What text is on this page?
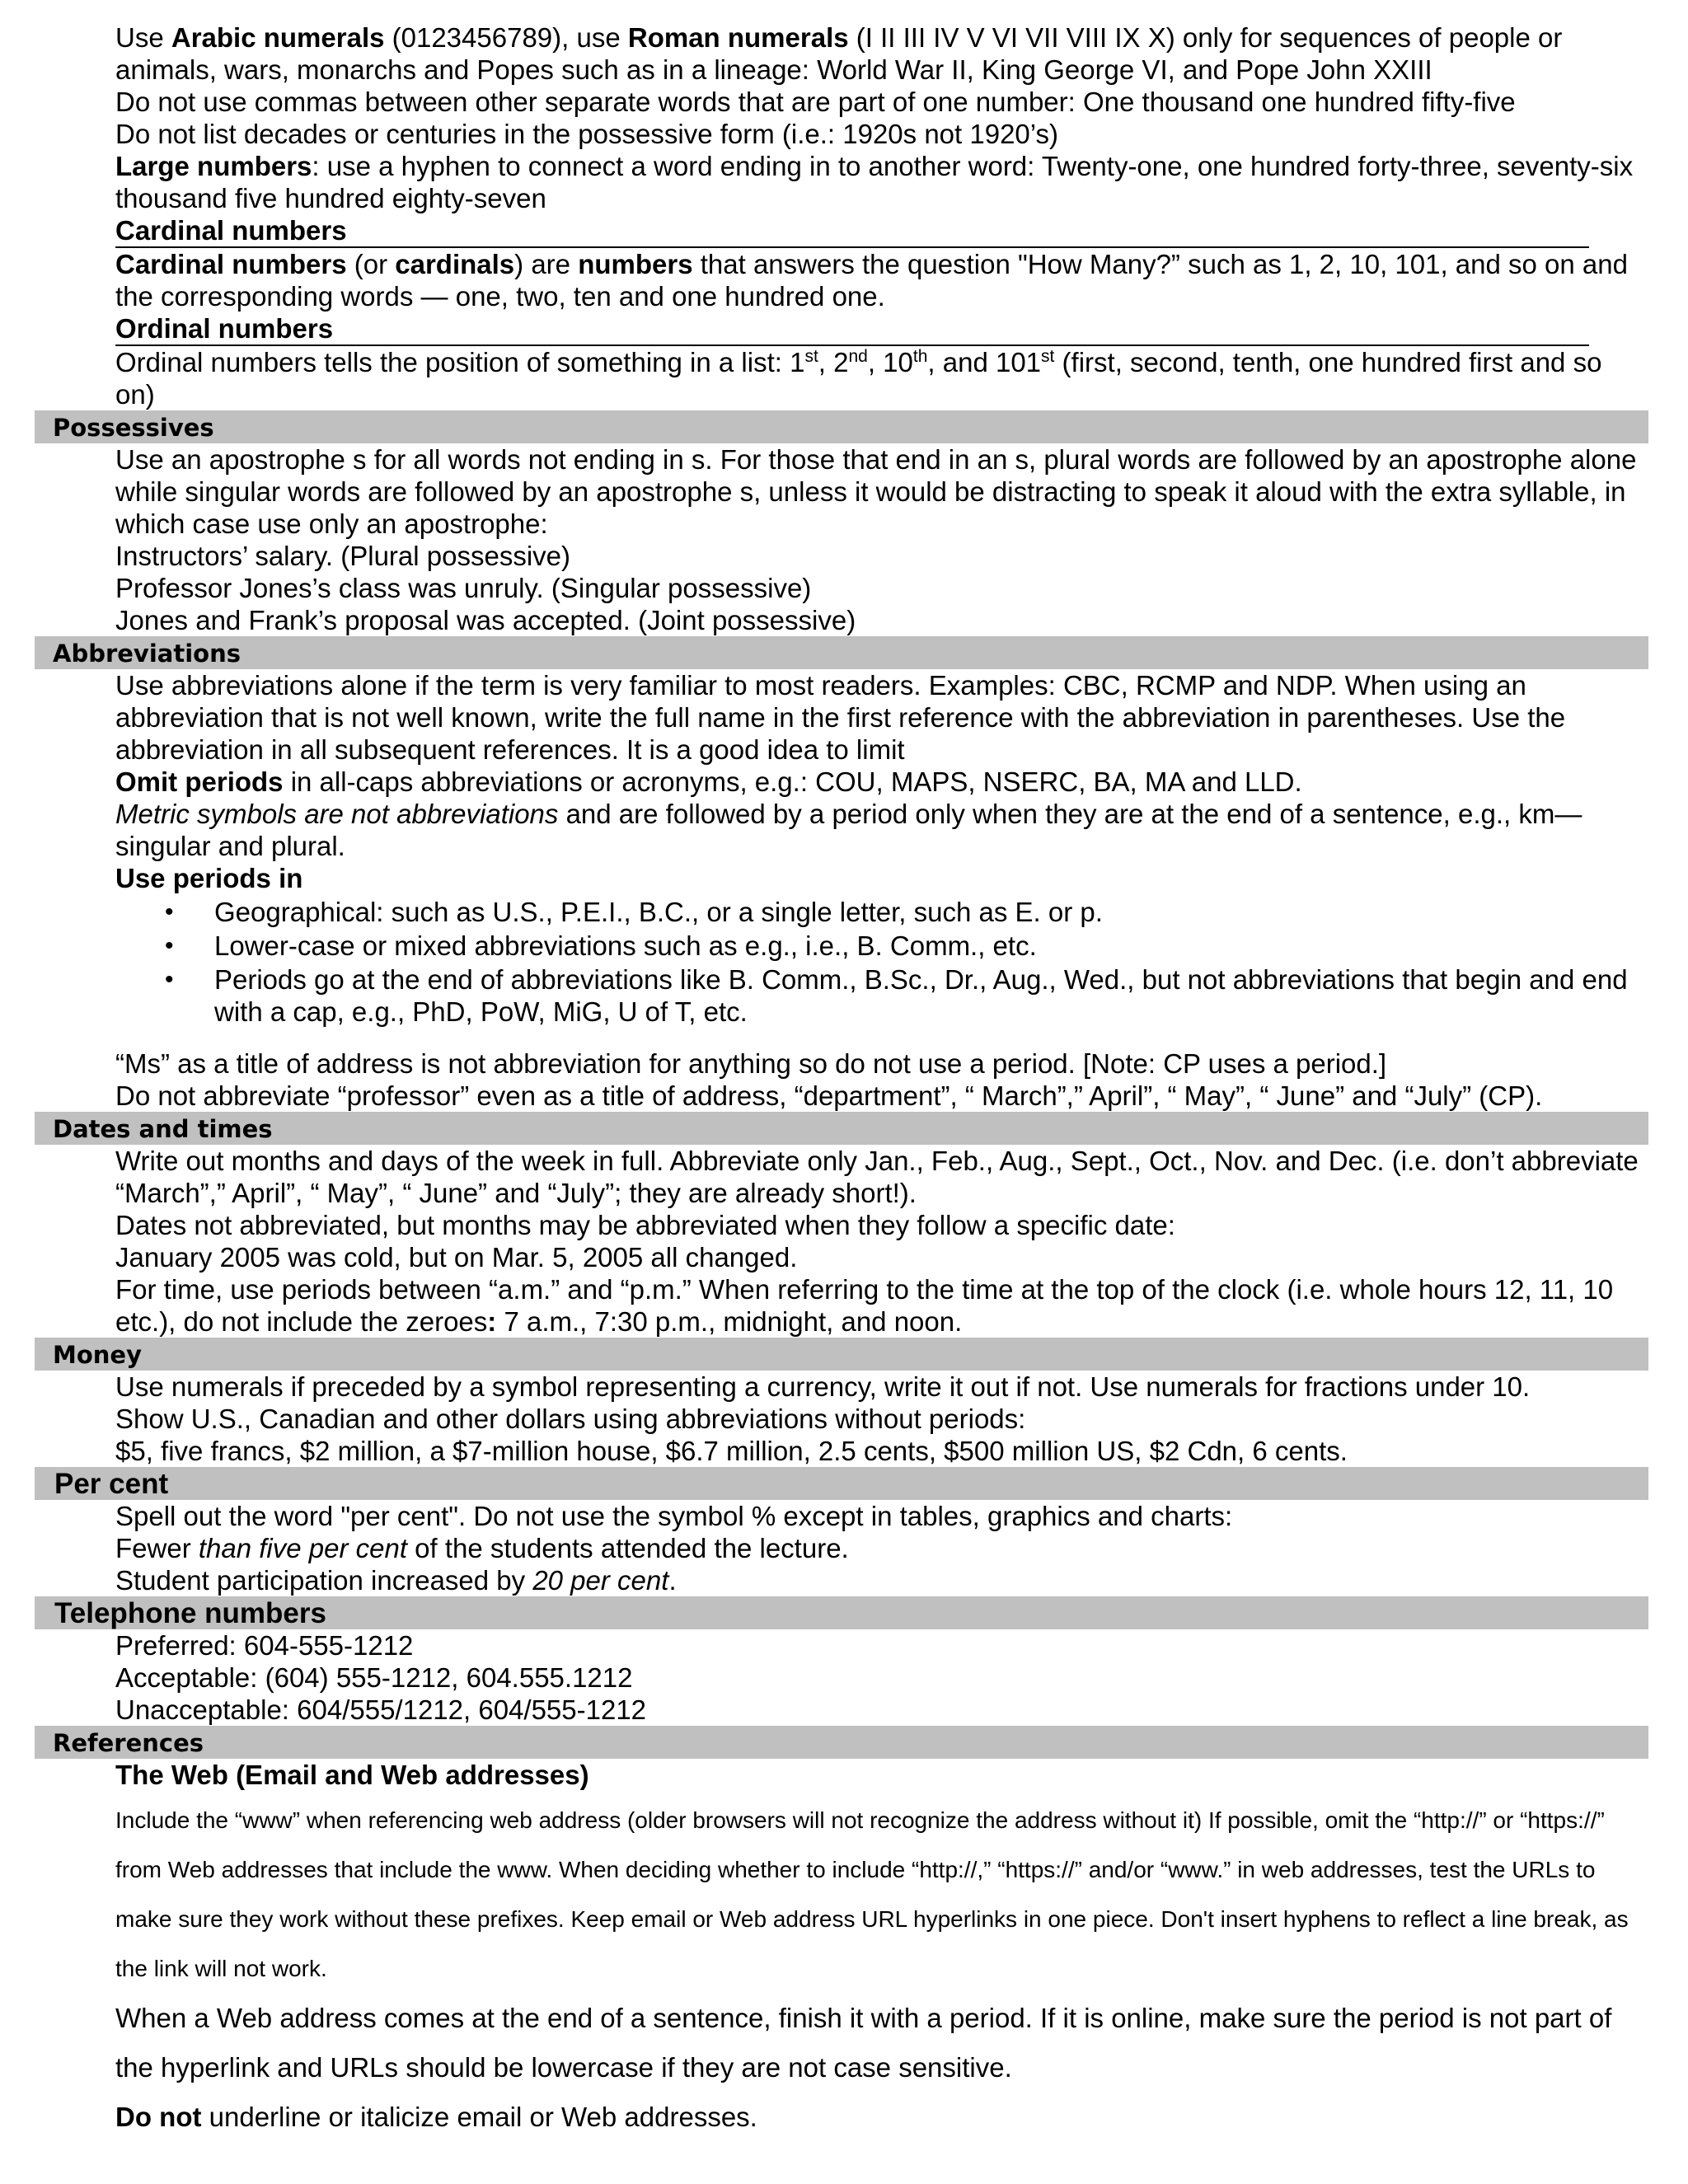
Use Arabic numerals (0123456789), use Roman numerals (I II III IV V VI VII VIII IX X) only for sequences of people or animals, wars, monarchs and Popes such as in a lineage: World War II, King George VI, and Pope John XXIII

Do not use commas between other separate words that are part of one number: One thousand one hundred fifty-five

Do not list decades or centuries in the possessive form (i.e.: 1920s not 1920’s)

Large numbers: use a hyphen to connect a word ending in to another word: Twenty-one, one hundred forty-three, seventy-six thousand five hundred eighty-seven

Cardinal numbers

Cardinal numbers (or cardinals) are numbers that answers the question "How Many?” such as 1, 2, 10, 101, and so on and the corresponding words — one, two, ten and one hundred one.

Ordinal numbers

Ordinal numbers tells the position of something in a list: 1st, 2nd, 10th, and 101st (first, second, tenth, one hundred first and so on)

Possessives

Use an apostrophe s for all words not ending in s. For those that end in an s, plural words are followed by an apostrophe alone while singular words are followed by an apostrophe s, unless it would be distracting to speak it aloud with the extra syllable, in which case use only an apostrophe:

Instructors’ salary. (Plural possessive)

Professor Jones’s class was unruly. (Singular possessive)

Jones and Frank’s proposal was accepted. (Joint possessive)

Abbreviations

Use abbreviations alone if the term is very familiar to most readers. Examples: CBC, RCMP and NDP. When using an abbreviation that is not well known, write the full name in the first reference with the abbreviation in parentheses. Use the abbreviation in all subsequent references. It is a good idea to limit

Omit periods in all-caps abbreviations or acronyms, e.g.: COU, MAPS, NSERC, BA, MA and LLD.

Metric symbols are not abbreviations and are followed by a period only when they are at the end of a sentence, e.g., km—singular and plural.

Use periods in

• Geographical: such as U.S., P.E.I., B.C., or a single letter, such as E. or p.
• Lower-case or mixed abbreviations such as e.g., i.e., B. Comm., etc.
• Periods go at the end of abbreviations like B. Comm., B.Sc., Dr., Aug., Wed., but not abbreviations that begin and end with a cap, e.g., PhD, PoW, MiG, U of T, etc.

“Ms” as a title of address is not abbreviation for anything so do not use a period. [Note: CP uses a period.]

Do not abbreviate “professor” even as a title of address, “department”, “ March”,” April”, “ May”, “ June” and “July” (CP).

Dates and times

Write out months and days of the week in full. Abbreviate only Jan., Feb., Aug., Sept., Oct., Nov. and Dec. (i.e. don’t abbreviate “March”,” April”, “ May”, “ June” and “July”; they are already short!).

Dates not abbreviated, but months may be abbreviated when they follow a specific date:

January 2005 was cold, but on Mar. 5, 2005 all changed.

For time, use periods between “a.m.” and “p.m.” When referring to the time at the top of the clock (i.e. whole hours 12, 11, 10 etc.), do not include the zeroes: 7 a.m., 7:30 p.m., midnight, and noon.

Money

Use numerals if preceded by a symbol representing a currency, write it out if not. Use numerals for fractions under 10.

Show U.S., Canadian and other dollars using abbreviations without periods:

$5, five francs, $2 million, a $7-million house, $6.7 million, 2.5 cents, $500 million US, $2 Cdn, 6 cents.

Per cent

Spell out the word "per cent". Do not use the symbol % except in tables, graphics and charts:

Fewer than five per cent of the students attended the lecture.

Student participation increased by 20 per cent.

Telephone numbers

Preferred: 604-555-1212

Acceptable: (604) 555-1212, 604.555.1212

Unacceptable: 604/555/1212, 604/555-1212

References

The Web (Email and Web addresses)

Include the “www” when referencing web address (older browsers will not recognize the address without it) If possible, omit the “http://” or “https://” from Web addresses that include the www. When deciding whether to include “http://,” “https://” and/or “www.” in web addresses, test the URLs to make sure they work without these prefixes. Keep email or Web address URL hyperlinks in one piece. Don't insert hyphens to reflect a line break, as the link will not work.

When a Web address comes at the end of a sentence, finish it with a period. If it is online, make sure the period is not part of the hyperlink and URLs should be lowercase if they are not case sensitive.

Do not underline or italicize email or Web addresses.
